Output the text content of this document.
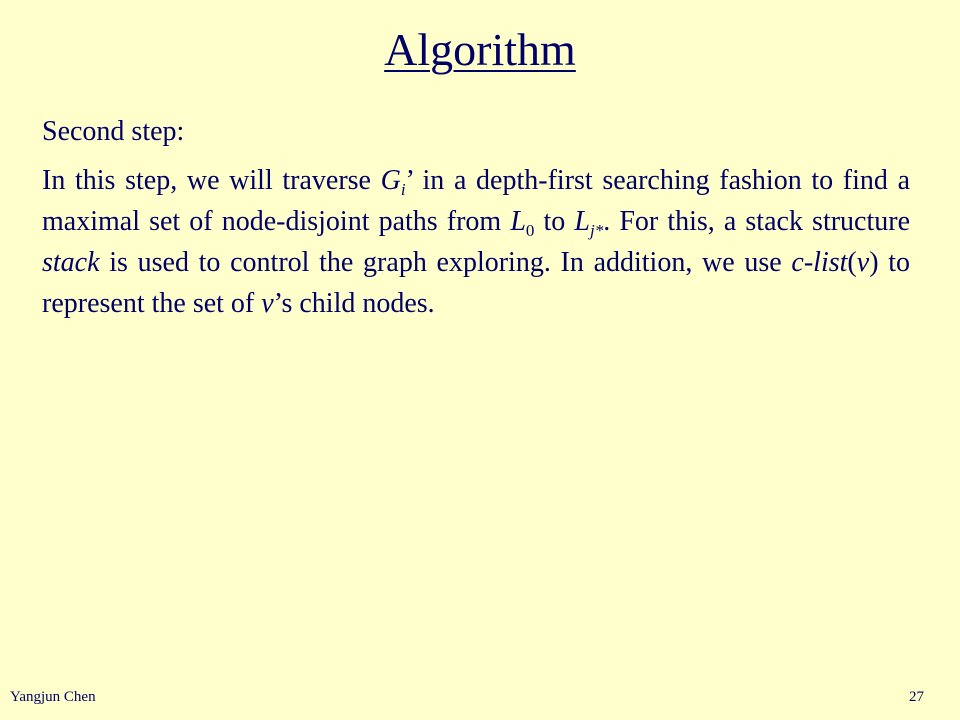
Algorithm
Second step:

In this step, we will traverse $G_i$’ in a depth-first searching fashion to find a maximal set of node-disjoint paths from $L_0$ to $L_{j*}$. For this, a stack structure stack is used to control the graph exploring. In addition, we use c-list(v) to represent the set of v’s child nodes.

Yangjun Chen	27
